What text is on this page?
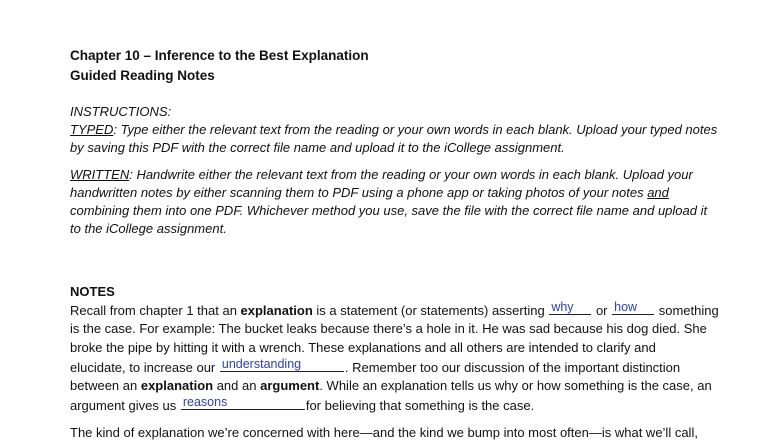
Chapter 10 – Inference to the Best Explanation
Guided Reading Notes
INSTRUCTIONS:
TYPED: Type either the relevant text from the reading or your own words in each blank. Upload your typed notes
by saving this PDF with the correct file name and upload it to the iCollege assignment.
WRITTEN: Handwrite either the relevant text from the reading or your own words in each blank. Upload your
handwritten notes by either scanning them to PDF using a phone app or taking photos of your notes and
combining them into one PDF. Whichever method you use, save the file with the correct file name and upload it
to the iCollege assignment.
NOTES
Recall from chapter 1 that an explanation is a statement (or statements) asserting why or how something
is the case. For example: The bucket leaks because there’s a hole in it. He was sad because his dog died. She
broke the pipe by hitting it with a wrench. These explanations and all others are intended to clarify and
elucidate, to increase our understanding	. Remember too our discussion of the important distinction
between an explanation and an argument. While an explanation tells us why or how something is the case, an
argument gives us reasons	for believing that something is the case.
The kind of explanation we’re concerned with here—and the kind we bump into most often—is what we’ll call,
